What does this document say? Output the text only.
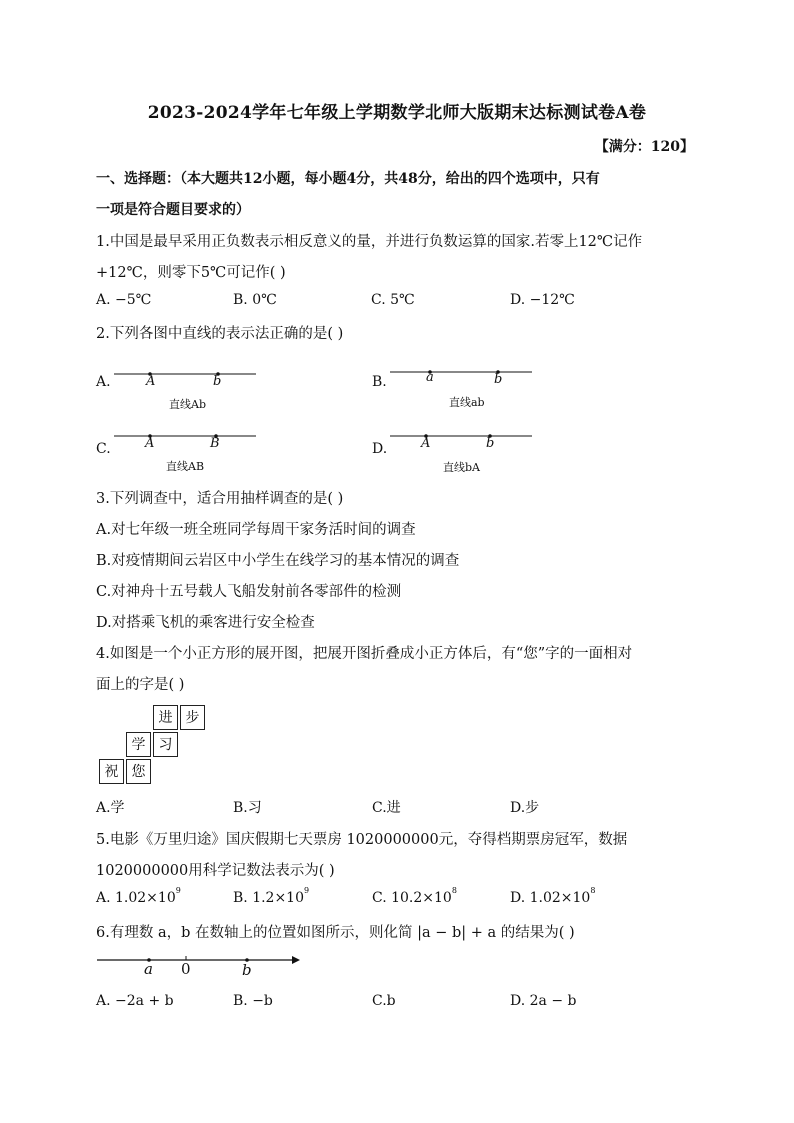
2023-2024学年七年级上学期数学北师大版期末达标测试卷A卷
【满分：120】
一、选择题：（本大题共12小题，每小题4分，共48分，给出的四个选项中，只有
一项是符合题目要求的）
1.中国是最早采用正负数表示相反意义的量，并进行负数运算的国家.若零上12℃记作
+12℃，则零下5℃可记作( )
A. −5℃	B. 0℃	C. 5℃	D. −12℃
2.下列各图中直线的表示法正确的是( )
A.	A	b
直线Ab
B.	a	b
直线ab
C.	A	B
直线AB
D.	A	b
直线bA
3.下列调查中，适合用抽样调查的是( )
A.对七年级一班全班同学每周干家务活时间的调查
B.对疫情期间云岩区中小学生在线学习的基本情况的调查
C.对神舟十五号载人飞船发射前各零部件的检测
D.对搭乘飞机的乘客进行安全检查
4.如图是一个小正方形的展开图，把展开图折叠成小正方体后，有“您”字的一面相对
面上的字是( )
进 步
学 习
祝 您
A.学	B.习	C.进	D.步
5.电影《万里归途》国庆假期七天票房 1020000000元，夺得档期票房冠军，数据
1020000000用科学记数法表示为( )
A. $1.02\times 10^9$	B. $1.2\times 10^9$	C. $10.2\times 10^8$	D. $1.02\times 10^8$
6.有理数 a，b 在数轴上的位置如图所示，则化简 |a − b| + a 的结果为( )
a 0	b
A. −2a + b	B. −b	C.b	D. 2a − b
